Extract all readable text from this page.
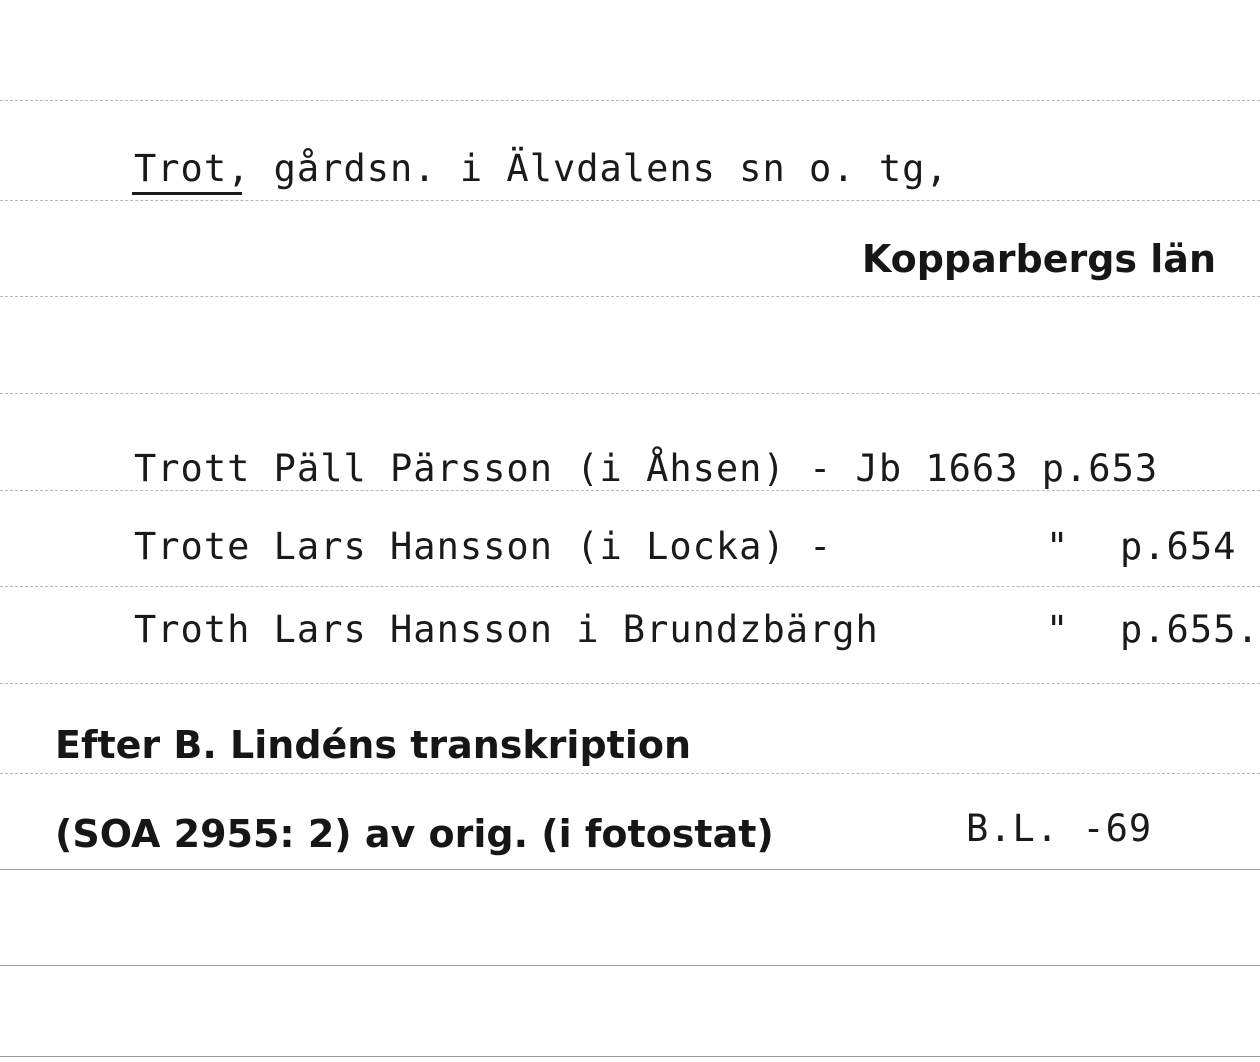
Trot, gårdsn. i Älvdalens sn o. tg,
Kopparbergs län
Trott Päll Pärsson (i Åhsen) - Jb 1663 p.653
Trote Lars Hansson (i Locka) -	" p.654
Troth Lars Hansson i Brundzbärgh	" p.655.
Efter B. Lindéns transkription
(SOA 2955: 2) av orig. (i fotostat)	B.L. -69
